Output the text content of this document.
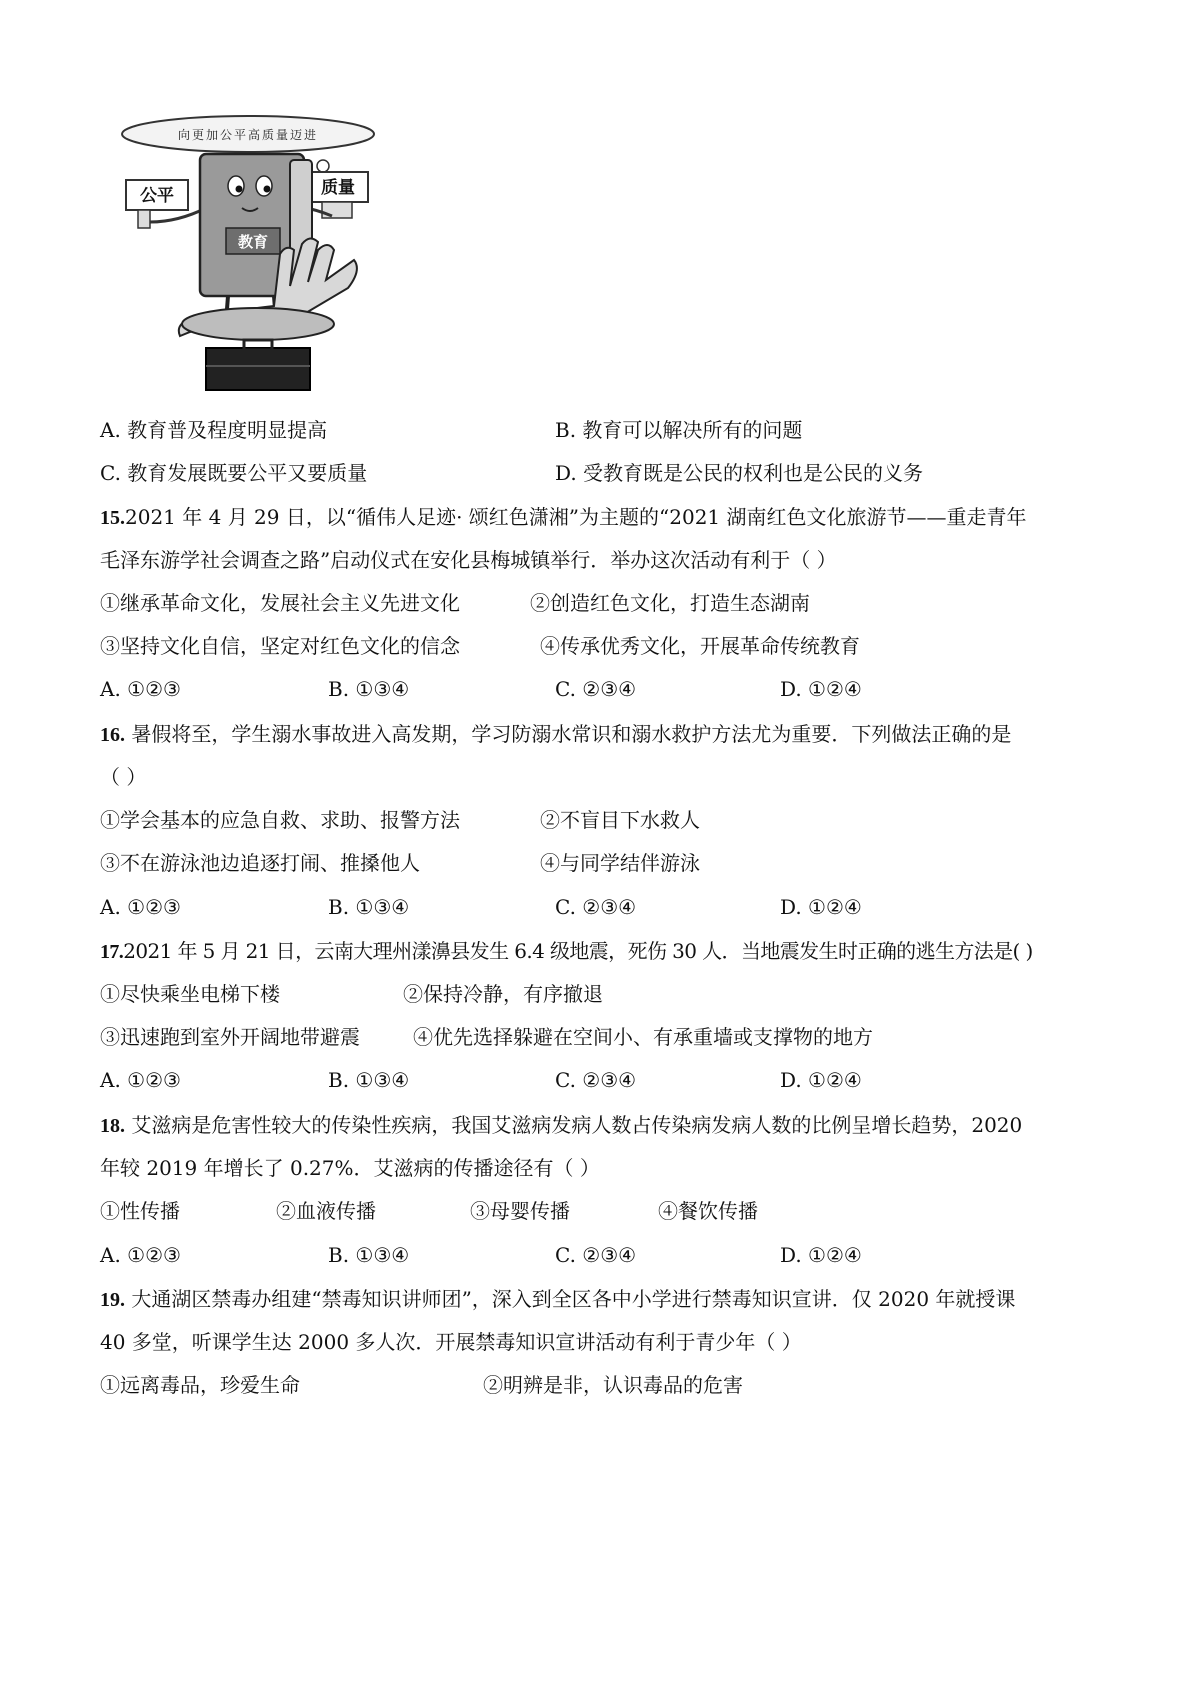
向更加公平高质量迈进
公平	质量
教育
A. 教育普及程度明显提高	B. 教育可以解决所有的问题
C. 教育发展既要公平又要质量	D. 受教育既是公民的权利也是公民的义务
15.2021 年 4 月 29 日，以“循伟人足迹· 颂红色潇湘”为主题的“2021 湖南红色文化旅游节——重走青年
毛泽东游学社会调查之路”启动仪式在安化县梅城镇举行．举办这次活动有利于（ ）
①继承革命文化，发展社会主义先进文化	②创造红色文化，打造生态湖南
③坚持文化自信，坚定对红色文化的信念	④传承优秀文化，开展革命传统教育
A. ①②③	B. ①③④	C. ②③④	D. ①②④
16. 暑假将至，学生溺水事故进入高发期，学习防溺水常识和溺水救护方法尤为重要．下列做法正确的是
（ ）
①学会基本的应急自救、求助、报警方法	②不盲目下水救人
③不在游泳池边追逐打闹、推搡他人	④与同学结伴游泳
A. ①②③	B. ①③④	C. ②③④	D. ①②④
17.2021 年 5 月 21 日，云南大理州漾濞县发生 6.4 级地震，死伤 30 人．当地震发生时正确的逃生方法是( )
①尽快乘坐电梯下楼	②保持冷静，有序撤退
③迅速跑到室外开阔地带避震	④优先选择躲避在空间小、有承重墙或支撑物的地方
A. ①②③	B. ①③④	C. ②③④	D. ①②④
18. 艾滋病是危害性较大的传染性疾病，我国艾滋病发病人数占传染病发病人数的比例呈增长趋势，2020
年较 2019 年增长了 0.27%．艾滋病的传播途径有（ ）
①性传播	②血液传播	③母婴传播	④餐饮传播
A. ①②③	B. ①③④	C. ②③④	D. ①②④
19. 大通湖区禁毒办组建“禁毒知识讲师团”，深入到全区各中小学进行禁毒知识宣讲．仅 2020 年就授课
40 多堂，听课学生达 2000 多人次．开展禁毒知识宣讲活动有利于青少年（ ）
①远离毒品，珍爱生命	②明辨是非，认识毒品的危害
